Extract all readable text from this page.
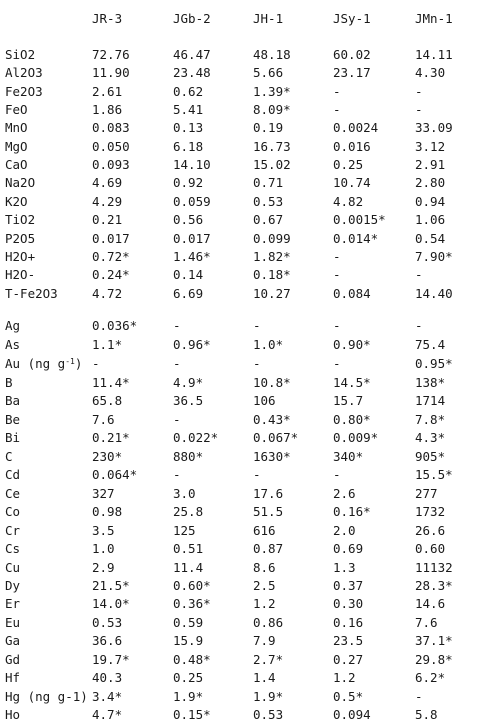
JR-3	JGb-2	JH-1	JSy-1	JMn-1
SiO2	72.76	46.47	48.18	60.02	14.11
Al2O3	11.90	23.48	5.66	23.17	4.30
Fe2O3	2.61	0.62	1.39*	-	-
FeO	1.86	5.41	8.09*	-	-
MnO	0.083	0.13	0.19	0.0024	33.09
MgO	0.050	6.18	16.73	0.016	3.12
CaO	0.093	14.10	15.02	0.25	2.91
Na2O	4.69	0.92	0.71	10.74	2.80
K2O	4.29	0.059	0.53	4.82	0.94
TiO2	0.21	0.56	0.67	0.0015* 1.06
P2O5	0.017	0.017	0.099	0.014*	0.54
H2O+	0.72*	1.46*	1.82*	-	7.90*
H2O-	0.24*	0.14	0.18*	-	-
T-Fe2O3	4.72	6.69	10.27	0.084	14.40
Ag	0.036*	-	-	-	-
As	1.1*	0.96*	1.0*	0.90*	75.4
Au (ng $g^{-1}$) -	-	-	-	0.95*
B	11.4*	4.9*	10.8*	14.5*	138*
Ba	65.8	36.5	106	15.7	1714
Be	7.6	-	0.43*	0.80*	7.8*
Bi	0.21*	0.022*	0.067*	0.009*	4.3*
C	230*	880*	1630*	340*	905*
Cd	0.064*	-	-	-	15.5*
Ce	327	3.0	17.6	2.6	277
Co	0.98	25.8	51.5	0.16*	1732
Cr	3.5	125	616	2.0	26.6
Cs	1.0	0.51	0.87	0.69	0.60
Cu	2.9	11.4	8.6	1.3	11132
Dy	21.5*	0.60*	2.5	0.37	28.3*
Er	14.0*	0.36*	1.2	0.30	14.6
Eu	0.53	0.59	0.86	0.16	7.6
Ga	36.6	15.9	7.9	23.5	37.1*
Gd	19.7*	0.48*	2.7*	0.27	29.8*
Hf	40.3	0.25	1.4	1.2	6.2*
Hg (ng g-1) 3.4*	1.9*	1.9*	0.5*	-
Ho	4.7*	0.15*	0.53	0.094	5.8
